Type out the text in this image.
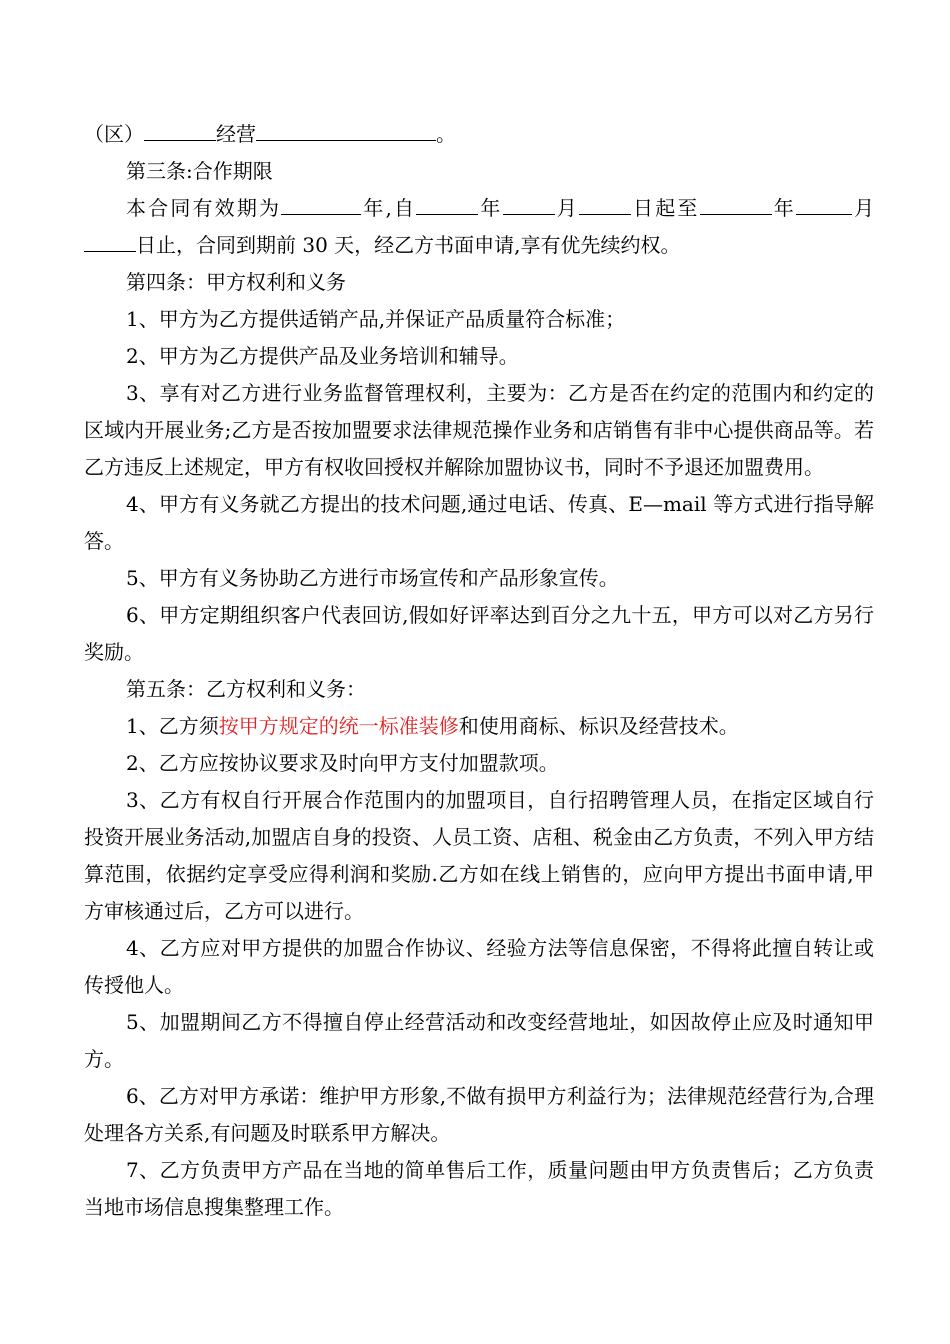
（区）	经营	。

第三条:合作期限

本合同有效期为	年,自	年	月	日起至	年	月日止，合同到期前 30 天，经乙方书面申请,享有优先续约权。

第四条：甲方权利和义务

1、甲方为乙方提供适销产品,并保证产品质量符合标准；

2、甲方为乙方提供产品及业务培训和辅导。

3、享有对乙方进行业务监督管理权利，主要为：乙方是否在约定的范围内和约定的区域内开展业务;乙方是否按加盟要求法律规范操作业务和店销售有非中心提供商品等。若乙方违反上述规定，甲方有权收回授权并解除加盟协议书，同时不予退还加盟费用。

4、甲方有义务就乙方提出的技术问题,通过电话、传真、E—mail 等方式进行指导解答。

5、甲方有义务协助乙方进行市场宣传和产品形象宣传。

6、甲方定期组织客户代表回访,假如好评率达到百分之九十五，甲方可以对乙方另行奖励。

第五条：乙方权利和义务：

1、乙方须按甲方规定的统一标准装修和使用商标、标识及经营技术。

2、乙方应按协议要求及时向甲方支付加盟款项。

3、乙方有权自行开展合作范围内的加盟项目，自行招聘管理人员，在指定区域自行投资开展业务活动,加盟店自身的投资、人员工资、店租、税金由乙方负责，不列入甲方结算范围，依据约定享受应得利润和奖励.乙方如在线上销售的，应向甲方提出书面申请,甲方审核通过后，乙方可以进行。

4、乙方应对甲方提供的加盟合作协议、经验方法等信息保密，不得将此擅自转让或传授他人。

5、加盟期间乙方不得擅自停止经营活动和改变经营地址，如因故停止应及时通知甲方。

6、乙方对甲方承诺：维护甲方形象,不做有损甲方利益行为；法律规范经营行为,合理处理各方关系,有问题及时联系甲方解决。

7、乙方负责甲方产品在当地的简单售后工作，质量问题由甲方负责售后；乙方负责当地市场信息搜集整理工作。
